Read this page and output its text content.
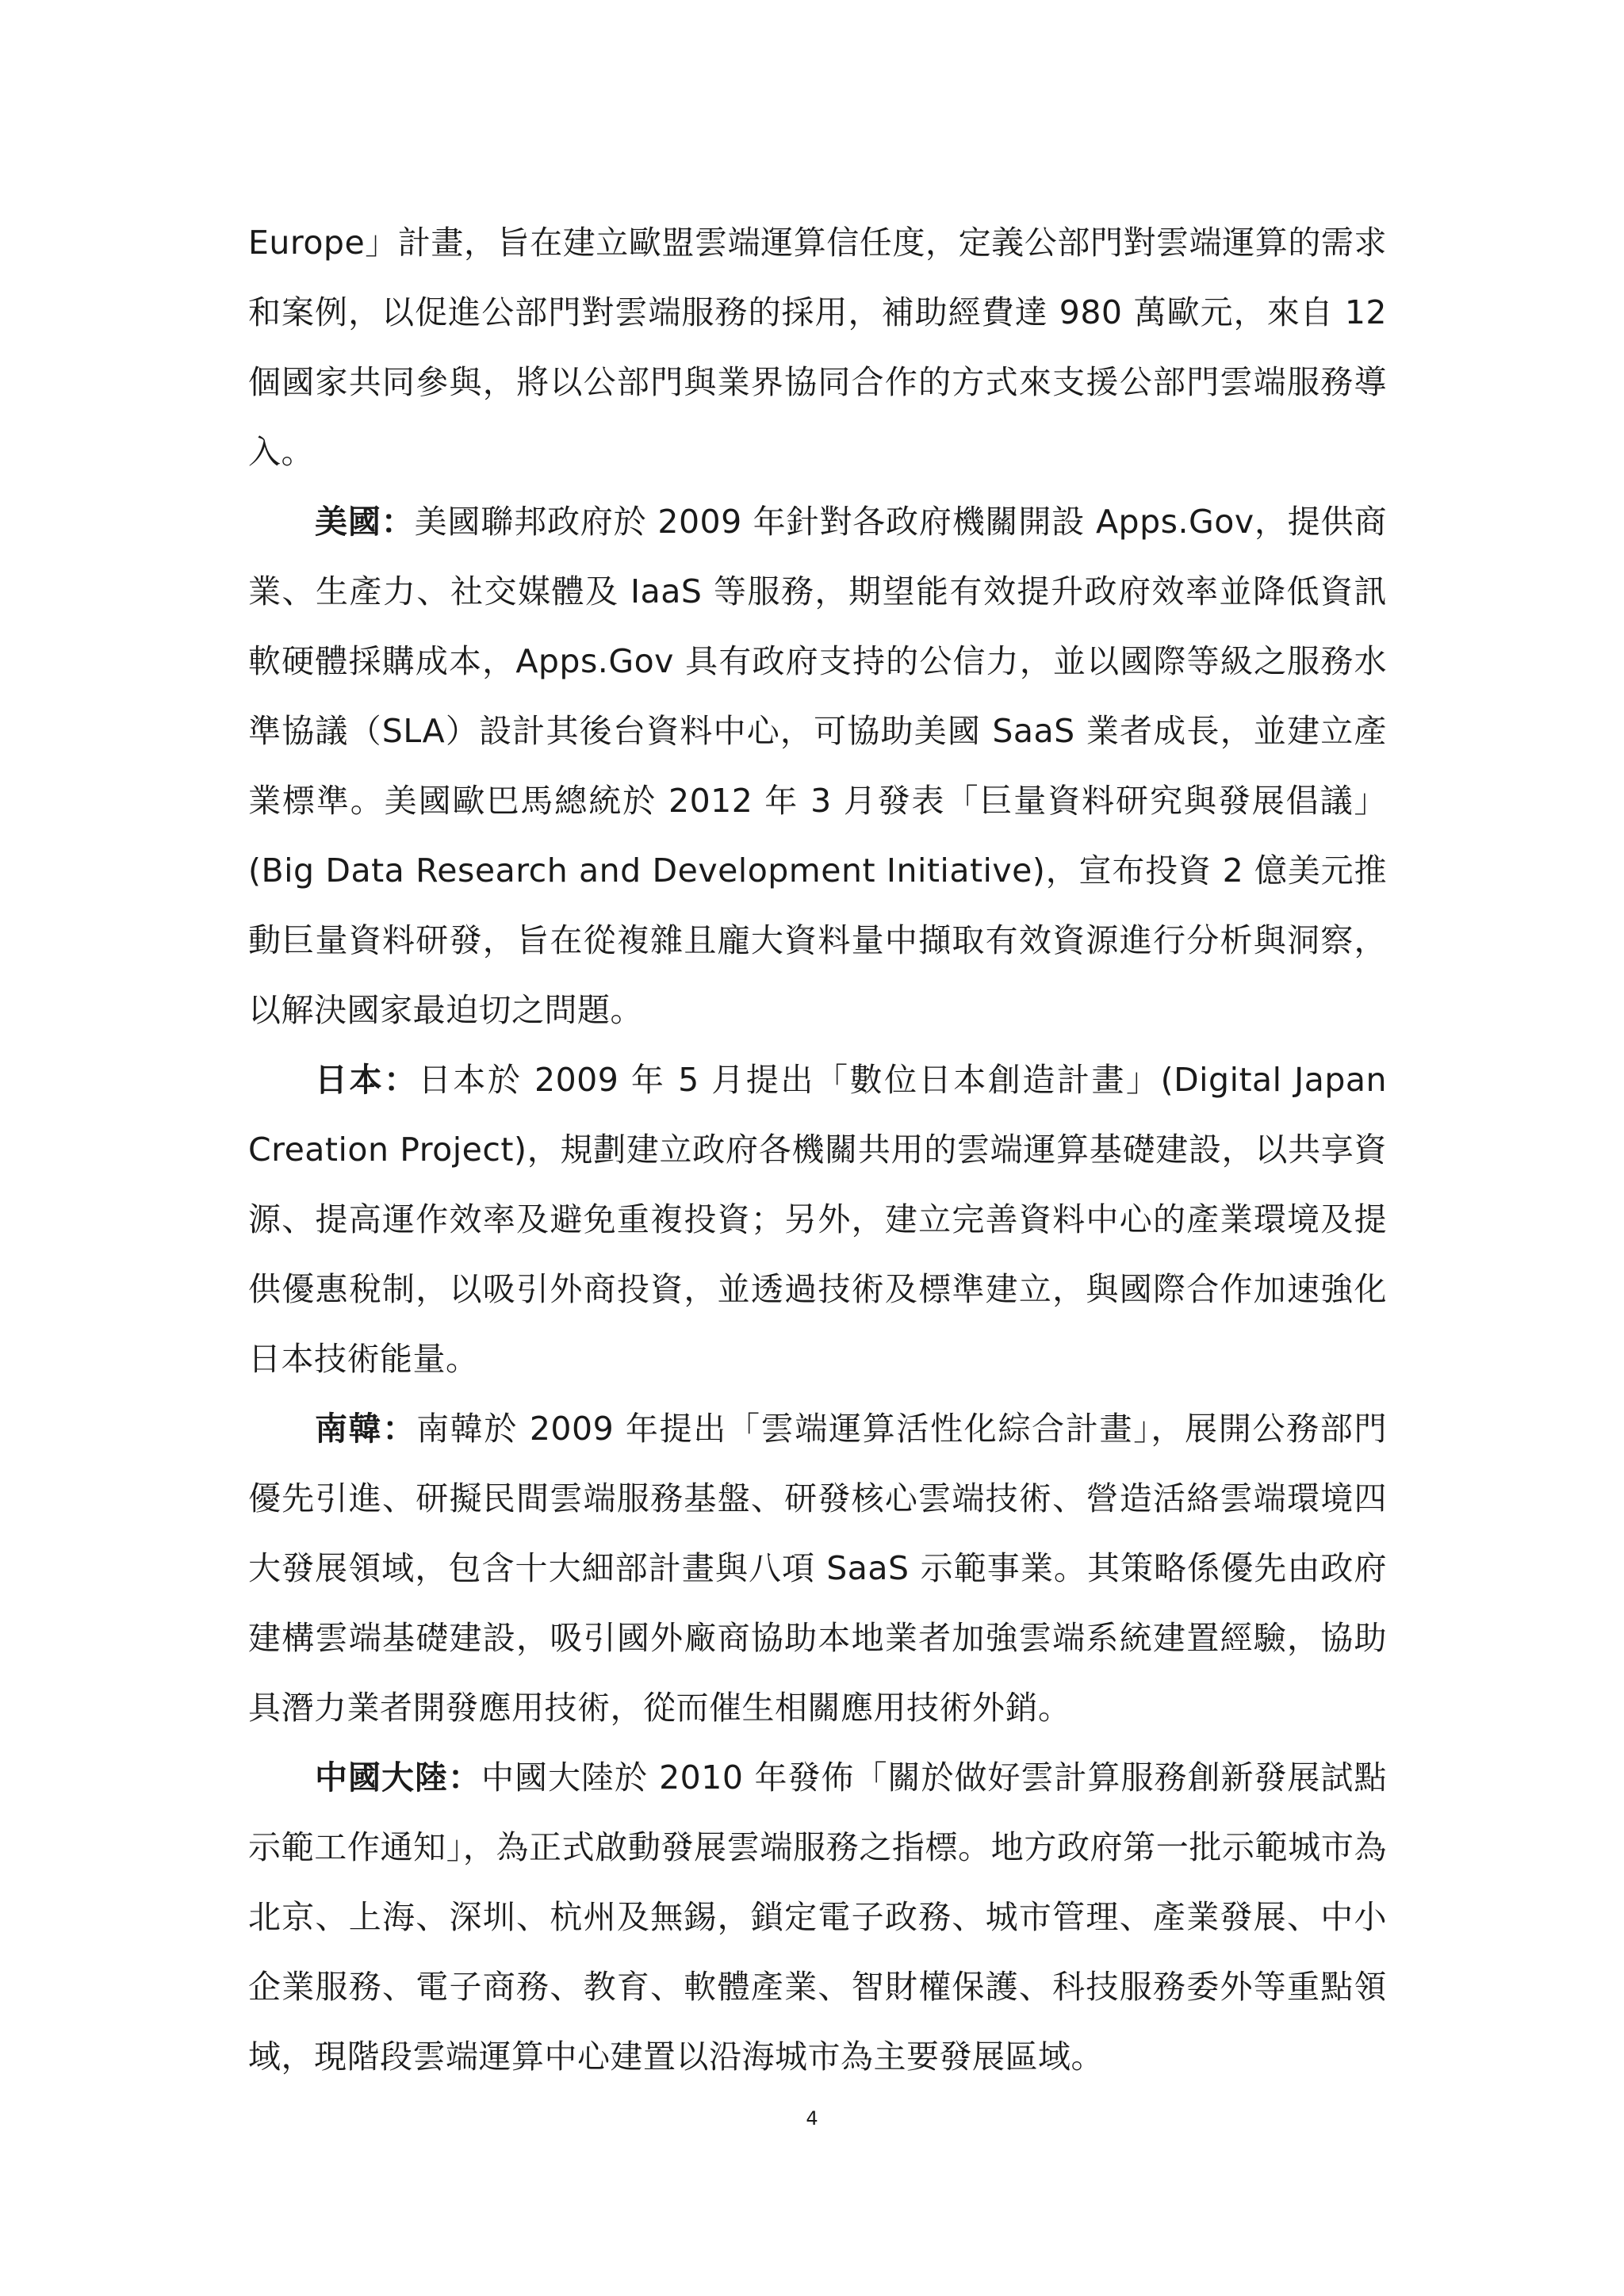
Europe」計畫，旨在建立歐盟雲端運算信任度，定義公部門對雲端運算的需求和案例，以促進公部門對雲端服務的採用，補助經費達 980 萬歐元，來自 12 個國家共同參與，將以公部門與業界協同合作的方式來支援公部門雲端服務導入。

美國：美國聯邦政府於 2009 年針對各政府機關開設 Apps.Gov，提供商業、生產力、社交媒體及 IaaS 等服務，期望能有效提升政府效率並降低資訊軟硬體採購成本，Apps.Gov 具有政府支持的公信力，並以國際等級之服務水準協議（SLA）設計其後台資料中心，可協助美國 SaaS 業者成長，並建立產業標準。美國歐巴馬總統於 2012 年 3 月發表「巨量資料研究與發展倡議」(Big Data Research and Development Initiative)，宣布投資 2 億美元推動巨量資料研發，旨在從複雜且龐大資料量中擷取有效資源進行分析與洞察，以解決國家最迫切之問題。

日本：日本於 2009 年 5 月提出「數位日本創造計畫」(Digital Japan Creation Project)，規劃建立政府各機關共用的雲端運算基礎建設，以共享資源、提高運作效率及避免重複投資；另外，建立完善資料中心的產業環境及提供優惠稅制，以吸引外商投資，並透過技術及標準建立，與國際合作加速強化日本技術能量。

南韓：南韓於 2009 年提出「雲端運算活性化綜合計畫」，展開公務部門優先引進、研擬民間雲端服務基盤、研發核心雲端技術、營造活絡雲端環境四大發展領域，包含十大細部計畫與八項 SaaS 示範事業。其策略係優先由政府建構雲端基礎建設，吸引國外廠商協助本地業者加強雲端系統建置經驗，協助具潛力業者開發應用技術，從而催生相關應用技術外銷。

中國大陸：中國大陸於 2010 年發佈「關於做好雲計算服務創新發展試點示範工作通知」，為正式啟動發展雲端服務之指標。地方政府第一批示範城市為北京、上海、深圳、杭州及無錫，鎖定電子政務、城市管理、產業發展、中小企業服務、電子商務、教育、軟體產業、智財權保護、科技服務委外等重點領域，現階段雲端運算中心建置以沿海城市為主要發展區域。

4
